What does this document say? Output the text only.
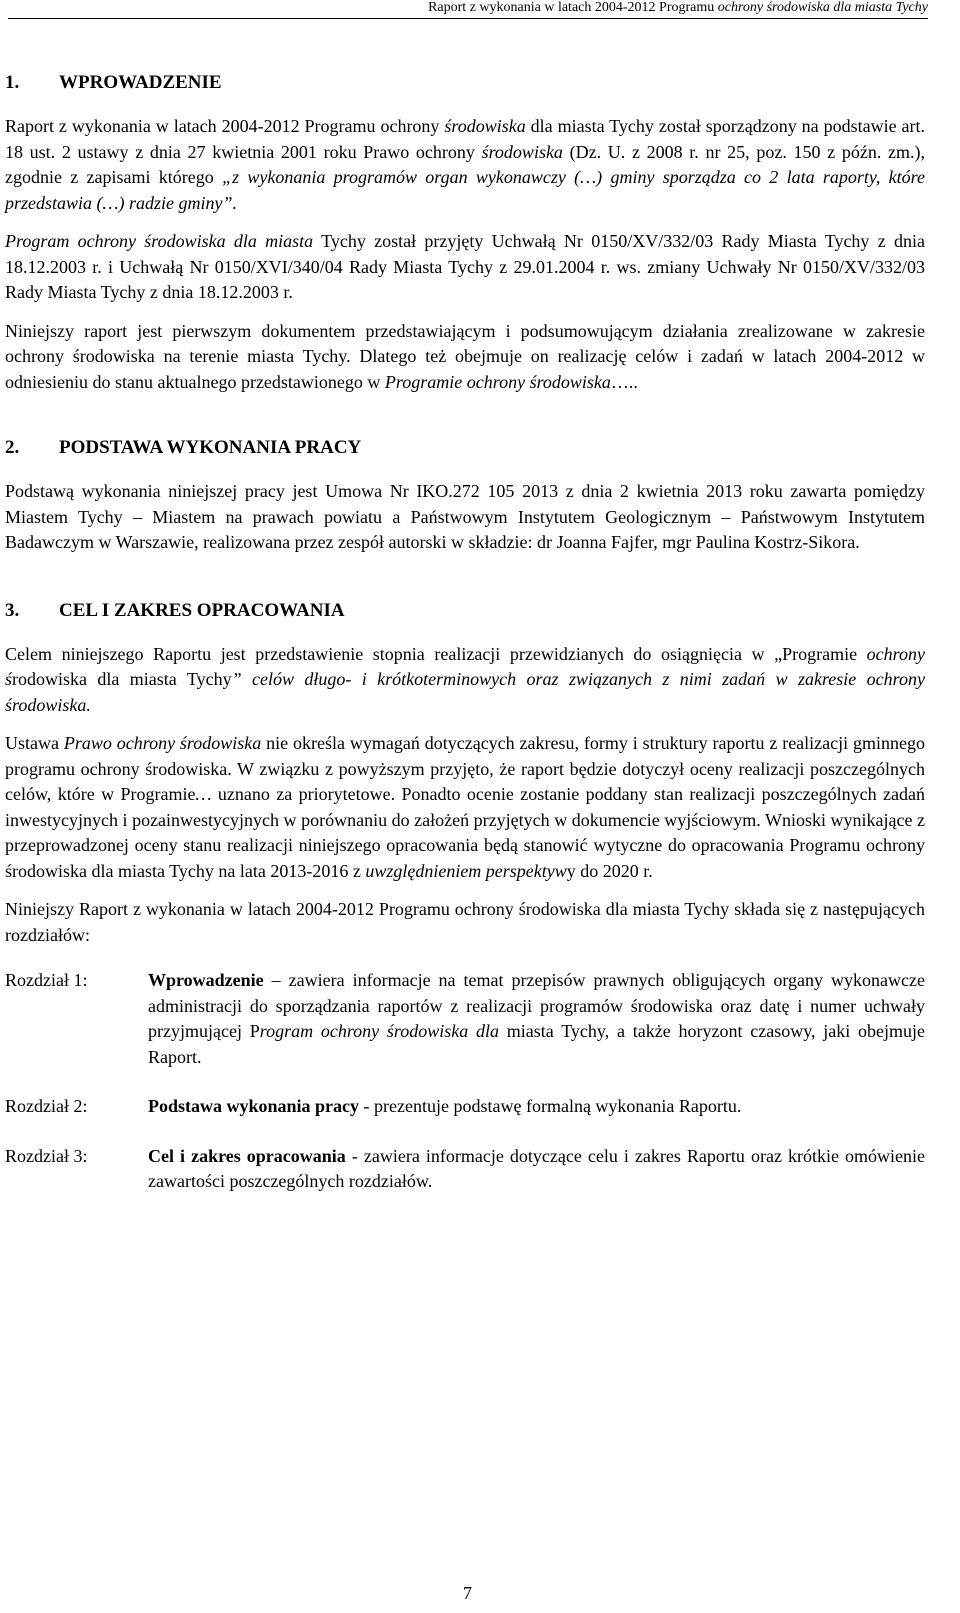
Raport z wykonania w latach 2004-2012 Programu ochrony środowiska dla miasta Tychy
1. WPROWADZENIE

Raport z wykonania w latach 2004-2012 Programu ochrony środowiska dla miasta Tychy został sporządzony na podstawie art. 18 ust. 2 ustawy z dnia 27 kwietnia 2001 roku Prawo ochrony środowiska (Dz. U. z 2008 r. nr 25, poz. 150 z późn. zm.), zgodnie z zapisami którego „z wykonania programów organ wykonawczy (…) gminy sporządza co 2 lata raporty, które przedstawia (…) radzie gminy”.

Program ochrony środowiska dla miasta Tychy został przyjęty Uchwałą Nr 0150/XV/332/03 Rady Miasta Tychy z dnia 18.12.2003 r. i Uchwałą Nr 0150/XVI/340/04 Rady Miasta Tychy z 29.01.2004 r. ws. zmiany Uchwały Nr 0150/XV/332/03 Rady Miasta Tychy z dnia 18.12.2003 r.

Niniejszy raport jest pierwszym dokumentem przedstawiającym i podsumowującym działania zrealizowane w zakresie ochrony środowiska na terenie miasta Tychy. Dlatego też obejmuje on realizację celów i zadań w latach 2004-2012 w odniesieniu do stanu aktualnego przedstawionego w Programie ochrony środowiska…..

2. PODSTAWA WYKONANIA PRACY

Podstawą wykonania niniejszej pracy jest Umowa Nr IKO.272 105 2013 z dnia 2 kwietnia 2013 roku zawarta pomiędzy Miastem Tychy – Miastem na prawach powiatu a Państwowym Instytutem Geologicznym – Państwowym Instytutem Badawczym w Warszawie, realizowana przez zespół autorski w składzie: dr Joanna Fajfer, mgr Paulina Kostrz-Sikora.

3. CEL I ZAKRES OPRACOWANIA

Celem niniejszego Raportu jest przedstawienie stopnia realizacji przewidzianych do osiągnięcia w „Programie ochrony środowiska dla miasta Tychy” celów długo- i krótkoterminowych oraz związanych z nimi zadań w zakresie ochrony środowiska.

Ustawa Prawo ochrony środowiska nie określa wymagań dotyczących zakresu, formy i struktury raportu z realizacji gminnego programu ochrony środowiska. W związku z powyższym przyjęto, że raport będzie dotyczył oceny realizacji poszczególnych celów, które w Programie… uznano za priorytetowe. Ponadto ocenie zostanie poddany stan realizacji poszczególnych zadań inwestycyjnych i pozainwestycyjnych w porównaniu do założeń przyjętych w dokumencie wyjściowym. Wnioski wynikające z przeprowadzonej oceny stanu realizacji niniejszego opracowania będą stanowić wytyczne do opracowania Programu ochrony środowiska dla miasta Tychy na lata 2013-2016 z uwzględnieniem perspektywy do 2020 r.

Niniejszy Raport z wykonania w latach 2004-2012 Programu ochrony środowiska dla miasta Tychy składa się z następujących rozdziałów:

Rozdział 1:	Wprowadzenie – zawiera informacje na temat przepisów prawnych obligujących organy wykonawcze administracji do sporządzania raportów z realizacji programów środowiska oraz datę i numer uchwały przyjmującej Program ochrony środowiska dla miasta Tychy, a także horyzont czasowy, jaki obejmuje Raport.
Rozdział 2:	Podstawa wykonania pracy - prezentuje podstawę formalną wykonania Raportu.
Rozdział 3:	Cel i zakres opracowania - zawiera informacje dotyczące celu i zakres Raportu oraz krótkie omówienie zawartości poszczególnych rozdziałów.
7
